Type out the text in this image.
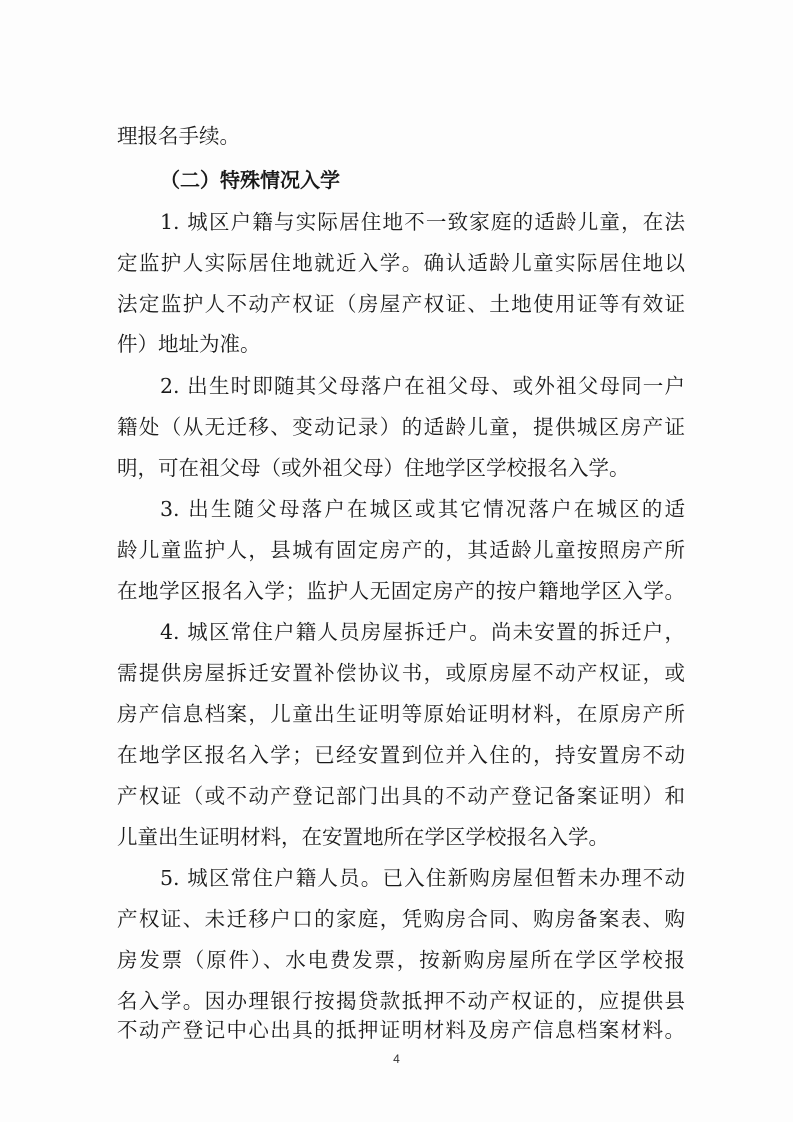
理报名手续。
（二）特殊情况入学
1. 城区户籍与实际居住地不一致家庭的适龄儿童，在法
定监护人实际居住地就近入学。确认适龄儿童实际居住地以
法定监护人不动产权证（房屋产权证、土地使用证等有效证
件）地址为准。
2. 出生时即随其父母落户在祖父母、或外祖父母同一户
籍处（从无迁移、变动记录）的适龄儿童，提供城区房产证
明，可在祖父母（或外祖父母）住地学区学校报名入学。
3. 出生随父母落户在城区或其它情况落户在城区的适
龄儿童监护人，县城有固定房产的，其适龄儿童按照房产所
在地学区报名入学；监护人无固定房产的按户籍地学区入学。
4. 城区常住户籍人员房屋拆迁户。尚未安置的拆迁户，
需提供房屋拆迁安置补偿协议书，或原房屋不动产权证，或
房产信息档案，儿童出生证明等原始证明材料，在原房产所
在地学区报名入学；已经安置到位并入住的，持安置房不动
产权证（或不动产登记部门出具的不动产登记备案证明）和
儿童出生证明材料，在安置地所在学区学校报名入学。
5. 城区常住户籍人员。已入住新购房屋但暂未办理不动
产权证、未迁移户口的家庭，凭购房合同、购房备案表、购
房发票（原件）、水电费发票，按新购房屋所在学区学校报
名入学。因办理银行按揭贷款抵押不动产权证的，应提供县
不动产登记中心出具的抵押证明材料及房产信息档案材料。
4
